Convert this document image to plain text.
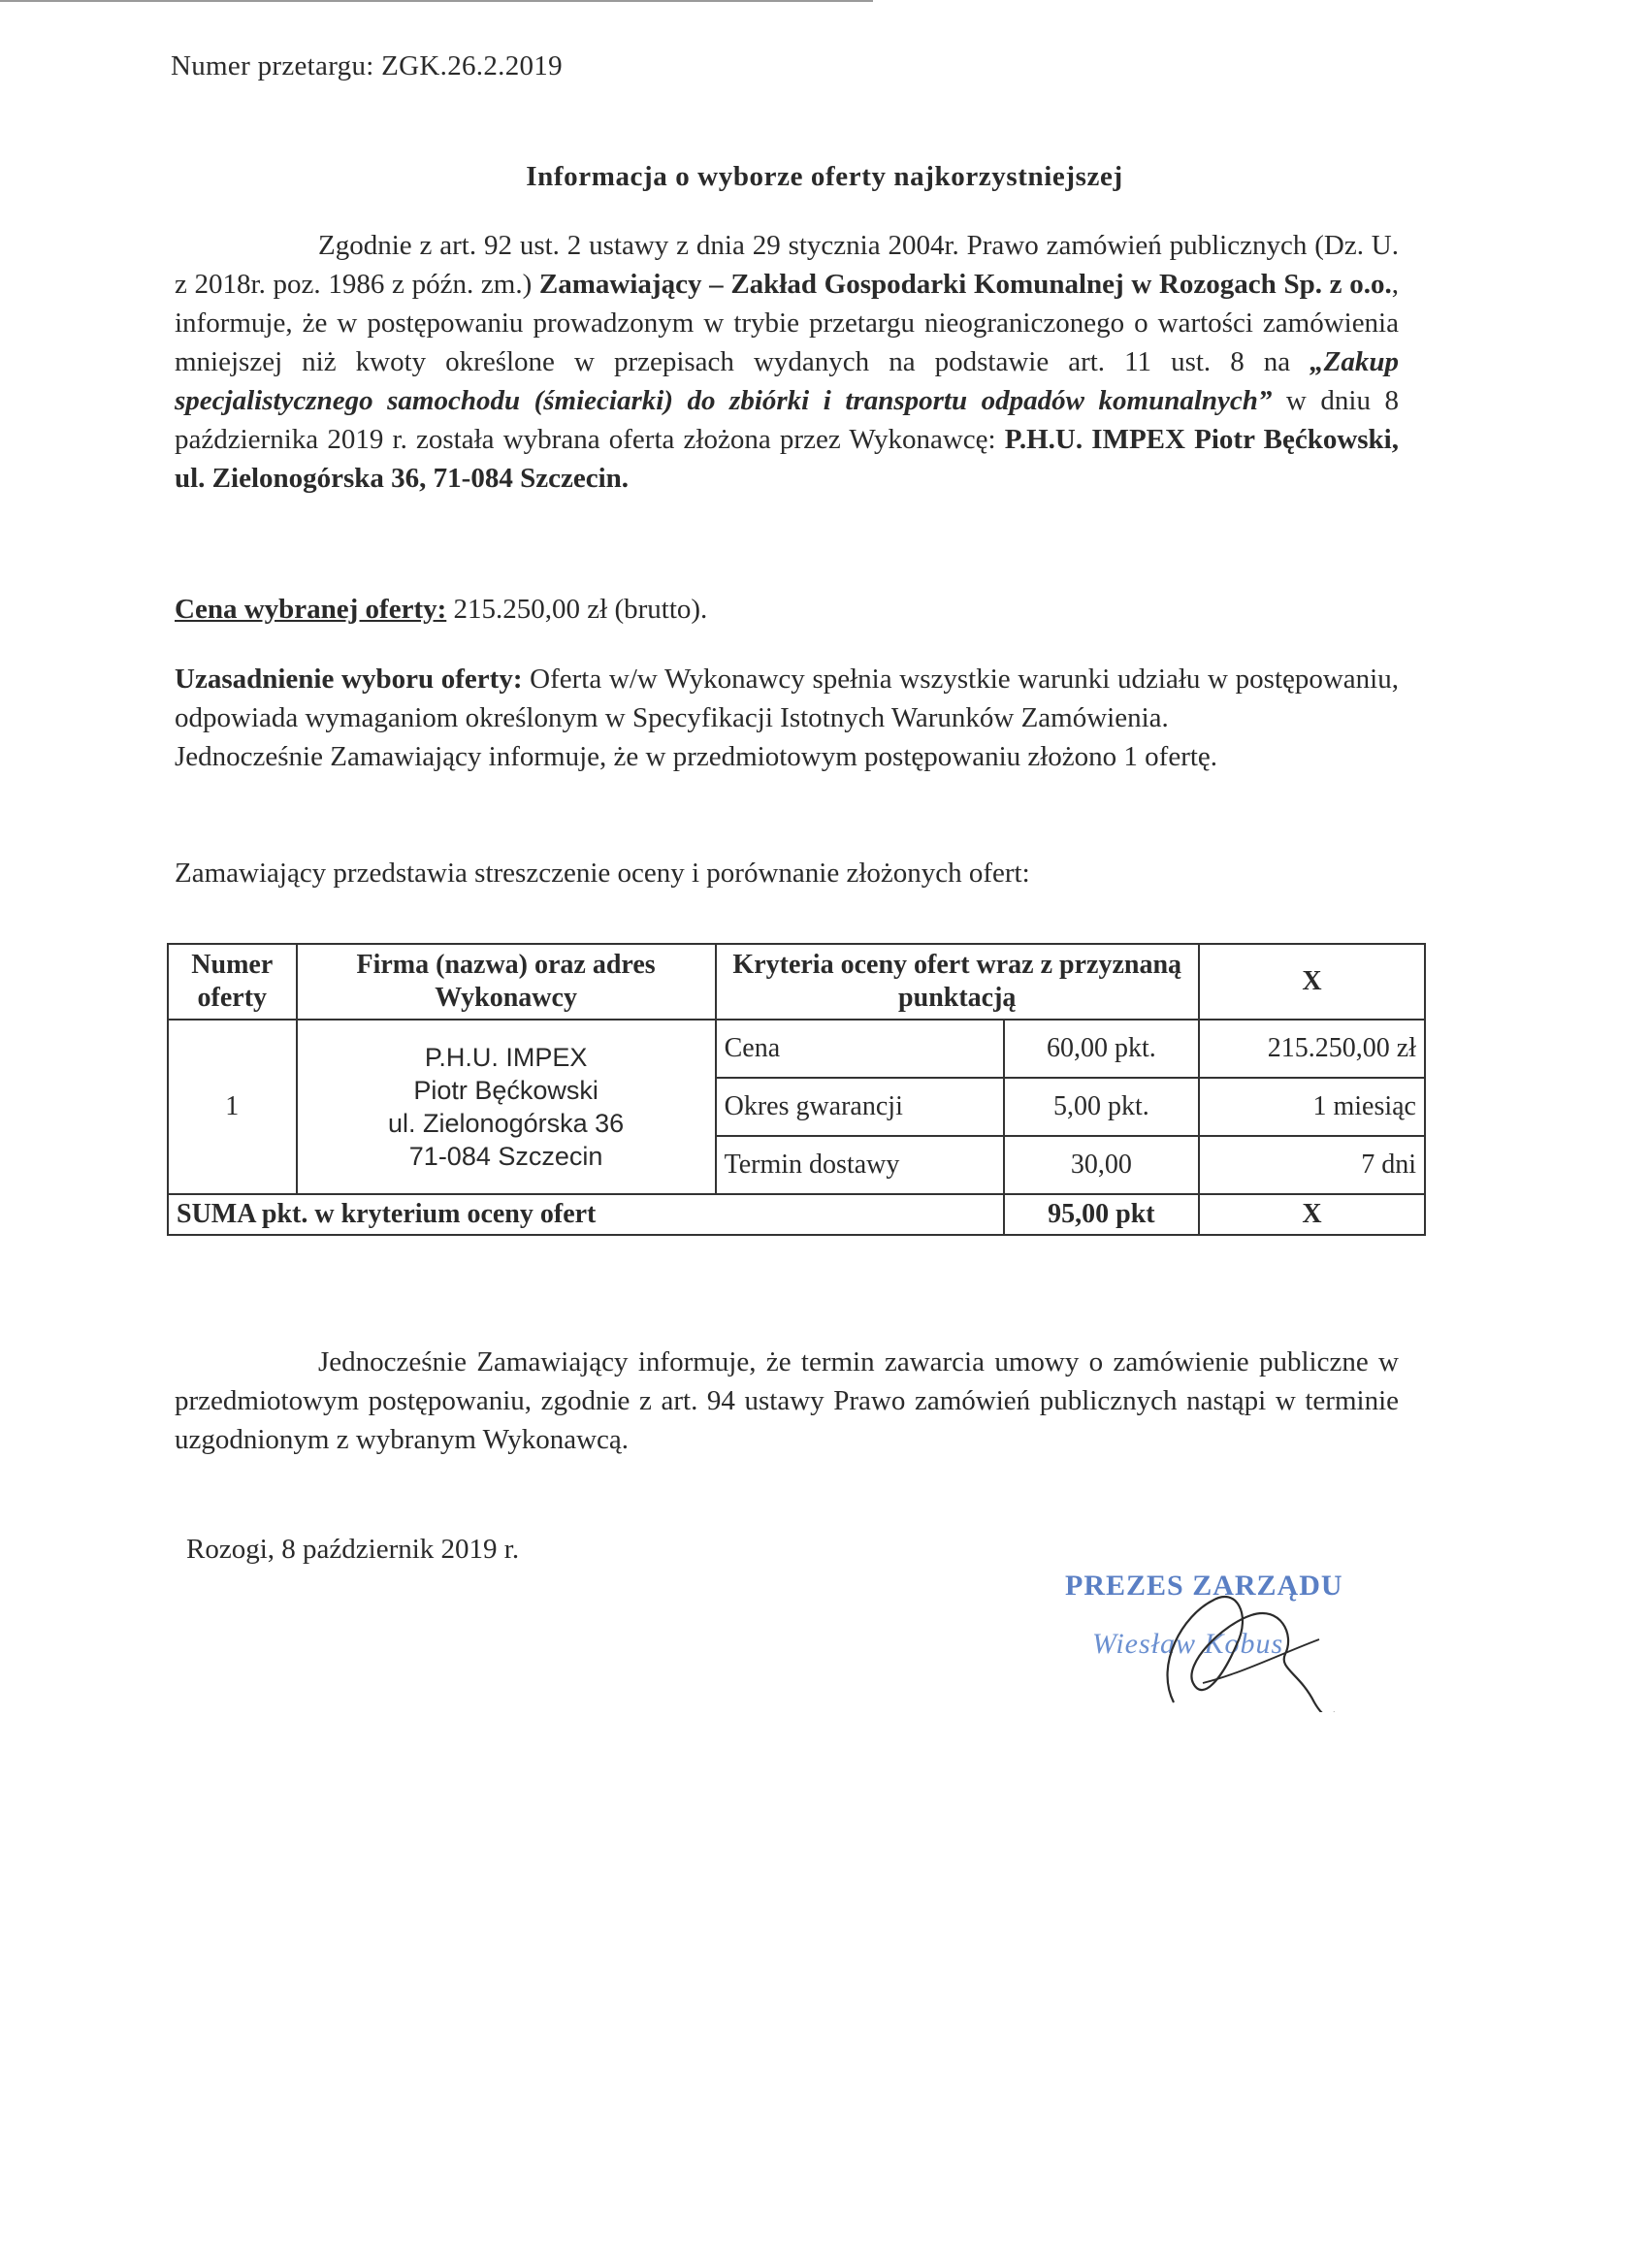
Numer przetargu: ZGK.26.2.2019
Informacja o wyborze oferty najkorzystniejszej
Zgodnie z art. 92 ust. 2 ustawy z dnia 29 stycznia 2004r. Prawo zamówień publicznych (Dz. U. z 2018r. poz. 1986 z późn. zm.) Zamawiający – Zakład Gospodarki Komunalnej w Rozogach Sp. z o.o., informuje, że w postępowaniu prowadzonym w trybie przetargu nieograniczonego o wartości zamówienia mniejszej niż kwoty określone w przepisach wydanych na podstawie art. 11 ust. 8 na „Zakup specjalistycznego samochodu (śmieciarki) do zbiórki i transportu odpadów komunalnych” w dniu 8 października 2019 r. została wybrana oferta złożona przez Wykonawcę: P.H.U. IMPEX Piotr Bęćkowski, ul. Zielonogórska 36, 71-084 Szczecin.
Cena wybranej oferty: 215.250,00 zł (brutto).
Uzasadnienie wyboru oferty: Oferta w/w Wykonawcy spełnia wszystkie warunki udziału w postępowaniu, odpowiada wymaganiom określonym w Specyfikacji Istotnych Warunków Zamówienia.
Jednocześnie Zamawiający informuje, że w przedmiotowym postępowaniu złożono 1 ofertę.
Zamawiający przedstawia streszczenie oceny i porównanie złożonych ofert:
Numer oferty	Firma (nazwa) oraz adres Wykonawcy	Kryteria oceny ofert wraz z przyznaną punktacją		X
1	P.H.U. IMPEX
Piotr Bęćkowski
ul. Zielonogórska 36
71-084 Szczecin	Cena	60,00 pkt.	215.250,00 zł
		Okres gwarancji	5,00 pkt.	1 miesiąc
		Termin dostawy	30,00	7 dni
SUMA pkt. w kryterium oceny ofert			95,00 pkt	X
Jednocześnie Zamawiający informuje, że termin zawarcia umowy o zamówienie publiczne w przedmiotowym postępowaniu, zgodnie z art. 94 ustawy Prawo zamówień publicznych nastąpi w terminie uzgodnionym z wybranym Wykonawcą.
Rozogi, 8 październik 2019 r.
PREZES ZARZĄDU
Wiesław Kobus
